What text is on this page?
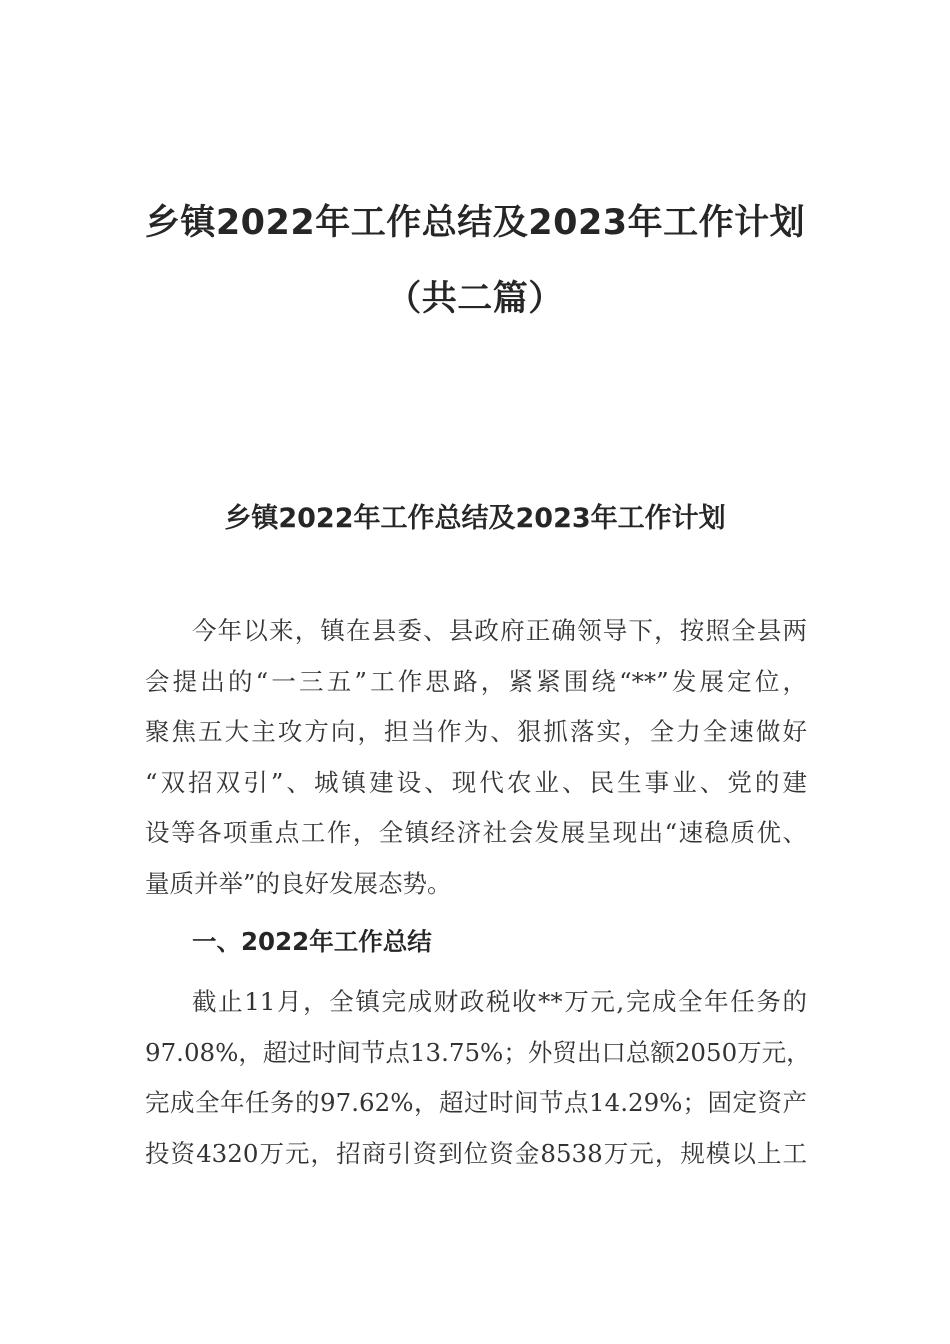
乡镇2022年工作总结及2023年工作计划
（共二篇）
乡镇2022年工作总结及2023年工作计划
今年以来，镇在县委、县政府正确领导下，按照全县两
会提出的“一三五”工作思路，紧紧围绕“**”发展定位，
聚焦五大主攻方向，担当作为、狠抓落实，全力全速做好
“双招双引”、城镇建设、现代农业、民生事业、党的建
设等各项重点工作，全镇经济社会发展呈现出“速稳质优、
量质并举”的良好发展态势。
一、2022年工作总结
截止11月，全镇完成财政税收**万元,完成全年任务的
97.08%，超过时间节点13.75%；外贸出口总额2050万元，
完成全年任务的97.62%，超过时间节点14.29%；固定资产
投资4320万元，招商引资到位资金8538万元，规模以上工
